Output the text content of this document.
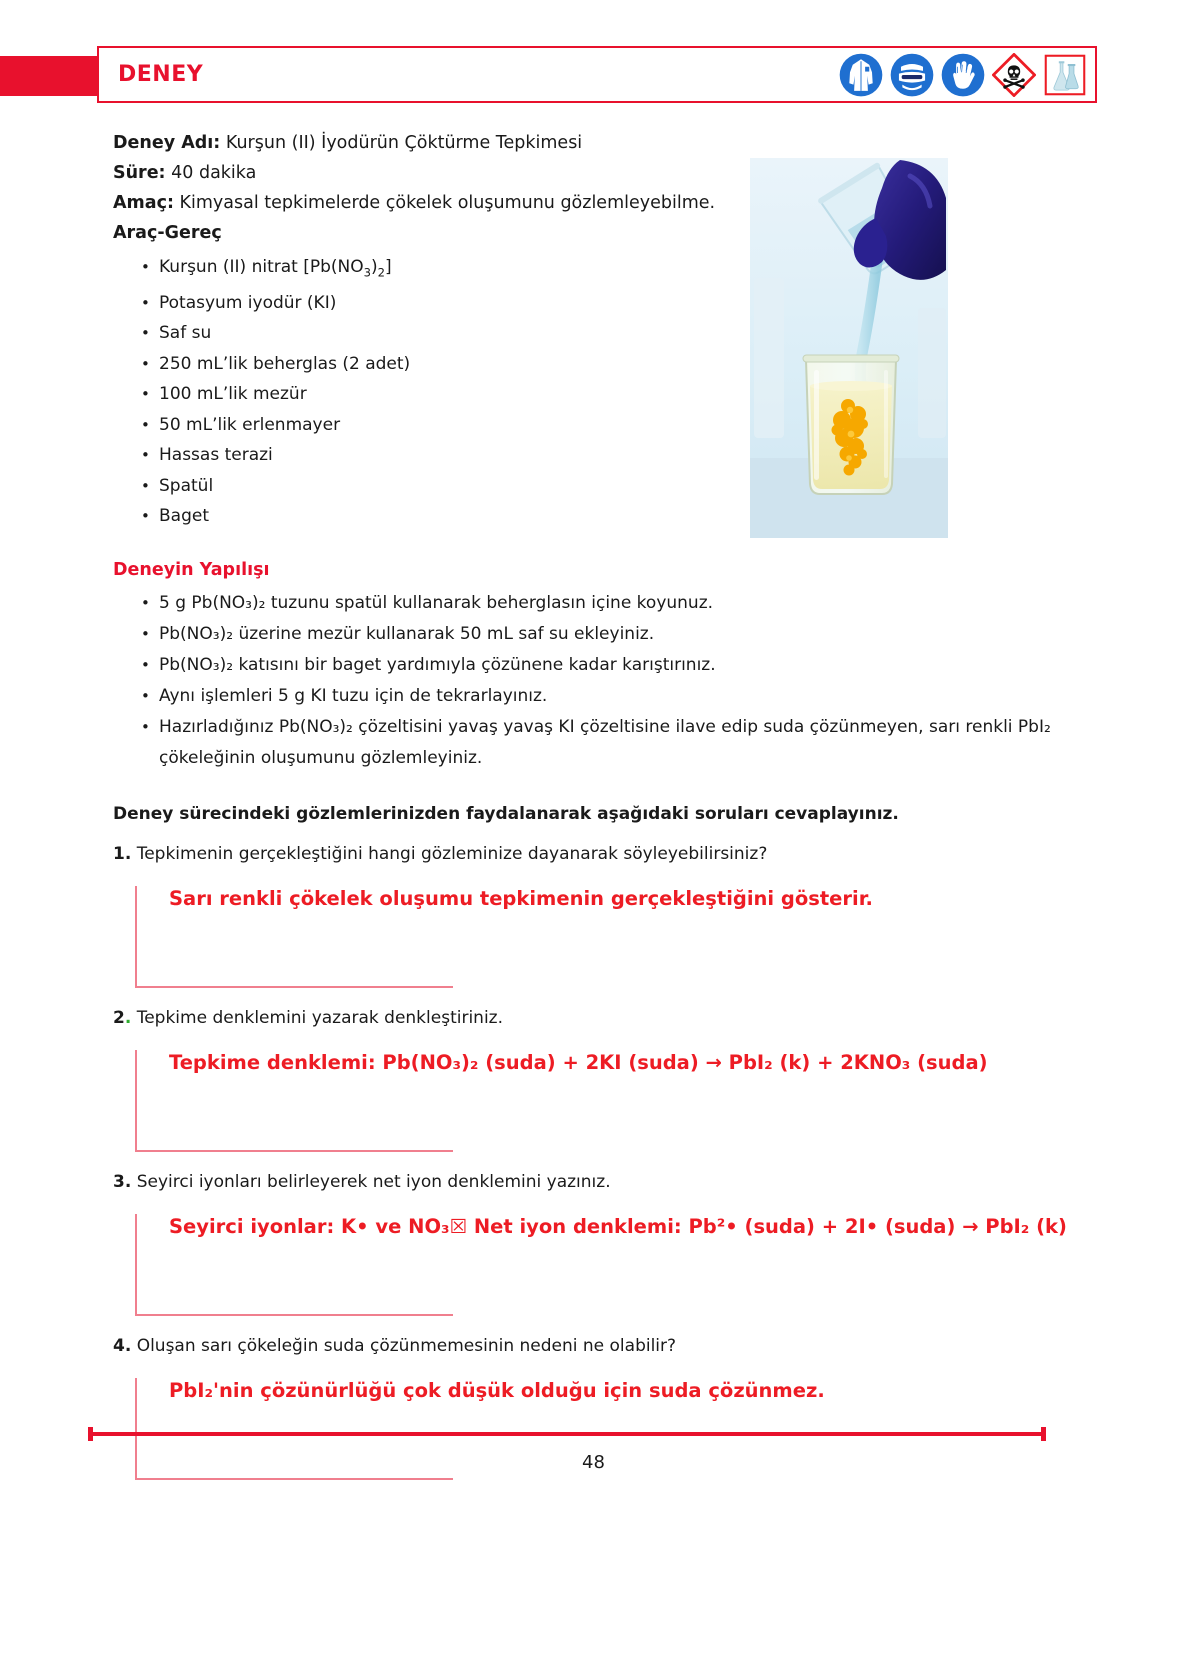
DENEY
Deney Adı: Kurşun (II) İyodürün Çöktürme Tepkimesi
Süre: 40 dakika
Amaç: Kimyasal tepkimelerde çökelek oluşumunu gözlemleyebilme.
Araç-Gereç
• Kurşun (II) nitrat $[Pb(NO_3)_2]$
• Potasyum iyodür (KI)
• Saf su
• 250 mL’lik beherglas (2 adet)
• 100 mL’lik mezür
• 50 mL’lik erlenmayer
• Hassas terazi
• Spatül
• Baget
Deneyin Yapılışı
• 5 g Pb(NO₃)₂ tuzunu spatül kullanarak beherglasın içine koyunuz.
• Pb(NO₃)₂ üzerine mezür kullanarak 50 mL saf su ekleyiniz.
• Pb(NO₃)₂ katısını bir baget yardımıyla çözünene kadar karıştırınız.
• Aynı işlemleri 5 g KI tuzu için de tekrarlayınız.
• Hazırladığınız Pb(NO₃)₂ çözeltisini yavaş yavaş KI çözeltisine ilave edip suda çözünmeyen, sarı renkli PbI₂ çökeleğinin oluşumunu gözlemleyiniz.
Deney sürecindeki gözlemlerinizden faydalanarak aşağıdaki soruları cevaplayınız.
1. Tepkimenin gerçekleştiğini hangi gözleminize dayanarak söyleyebilirsiniz?
Sarı renkli çökelek oluşumu tepkimenin gerçekleştiğini gösterir.
2. Tepkime denklemini yazarak denkleştiriniz.
Tepkime denklemi: Pb(NO₃)₂ (suda) + 2KI (suda) → PbI₂ (k) + 2KNO₃ (suda)
3. Seyirci iyonları belirleyerek net iyon denklemini yazınız.
Seyirci iyonlar: K• ve NO₃☒ Net iyon denklemi: Pb²• (suda) + 2I• (suda) → PbI₂ (k)
4. Oluşan sarı çökeleğin suda çözünmemesinin nedeni ne olabilir?
PbI₂'nin çözünürlüğü çok düşük olduğu için suda çözünmez.
48
